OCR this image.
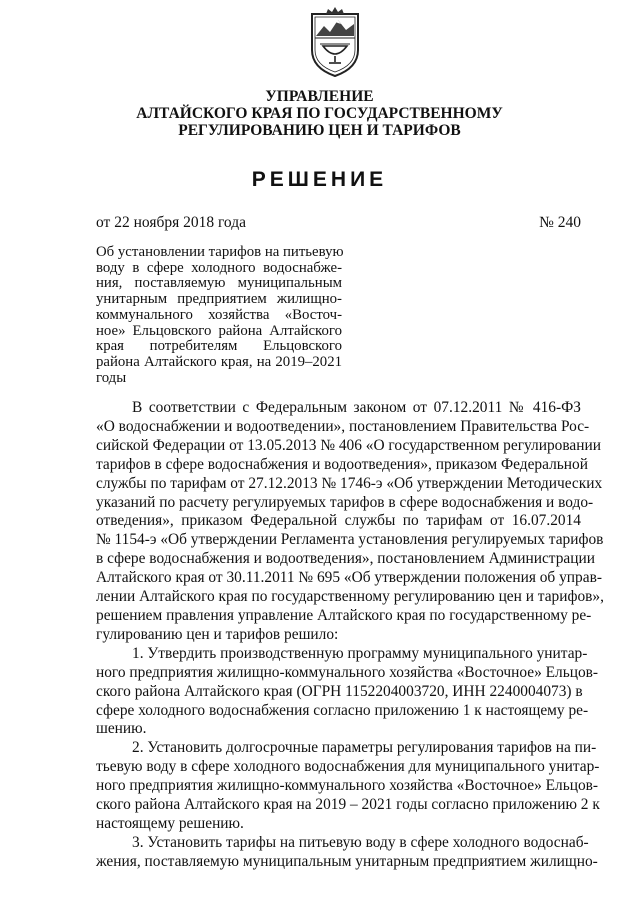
УПРАВЛЕНИЕ
АЛТАЙСКОГО КРАЯ ПО ГОСУДАРСТВЕННОМУ
РЕГУЛИРОВАНИЮ ЦЕН И ТАРИФОВ
РЕШЕНИЕ
от 22 ноября 2018 года	№ 240
Об установлении тарифов на питьевую
воду в сфере холодного водоснабже-
ния, поставляемую муниципальным
унитарным предприятием жилищно-
коммунального хозяйства «Восточ-
ное» Ельцовского района Алтайского
края потребителям Ельцовского
района Алтайского края, на 2019–2021
годы
В соответствии с Федеральным законом от 07.12.2011 № 416-ФЗ
«О водоснабжении и водоотведении», постановлением Правительства Рос-
сийской Федерации от 13.05.2013 № 406 «О государственном регулировании
тарифов в сфере водоснабжения и водоотведения», приказом Федеральной
службы по тарифам от 27.12.2013 № 1746-э «Об утверждении Методических
указаний по расчету регулируемых тарифов в сфере водоснабжения и водо-
отведения», приказом Федеральной службы по тарифам от 16.07.2014
№ 1154-э «Об утверждении Регламента установления регулируемых тарифов
в сфере водоснабжения и водоотведения», постановлением Администрации
Алтайского края от 30.11.2011 № 695 «Об утверждении положения об управ-
лении Алтайского края по государственному регулированию цен и тарифов»,
решением правления управление Алтайского края по государственному ре-
гулированию цен и тарифов решило:
1. Утвердить производственную программу муниципального унитар-
ного предприятия жилищно-коммунального хозяйства «Восточное» Ельцов-
ского района Алтайского края (ОГРН 1152204003720, ИНН 2240004073) в
сфере холодного водоснабжения согласно приложению 1 к настоящему ре-
шению.
2. Установить долгосрочные параметры регулирования тарифов на пи-
тьевую воду в сфере холодного водоснабжения для муниципального унитар-
ного предприятия жилищно-коммунального хозяйства «Восточное» Ельцов-
ского района Алтайского края на 2019 – 2021 годы согласно приложению 2 к
настоящему решению.
3. Установить тарифы на питьевую воду в сфере холодного водоснаб-
жения, поставляемую муниципальным унитарным предприятием жилищно-
